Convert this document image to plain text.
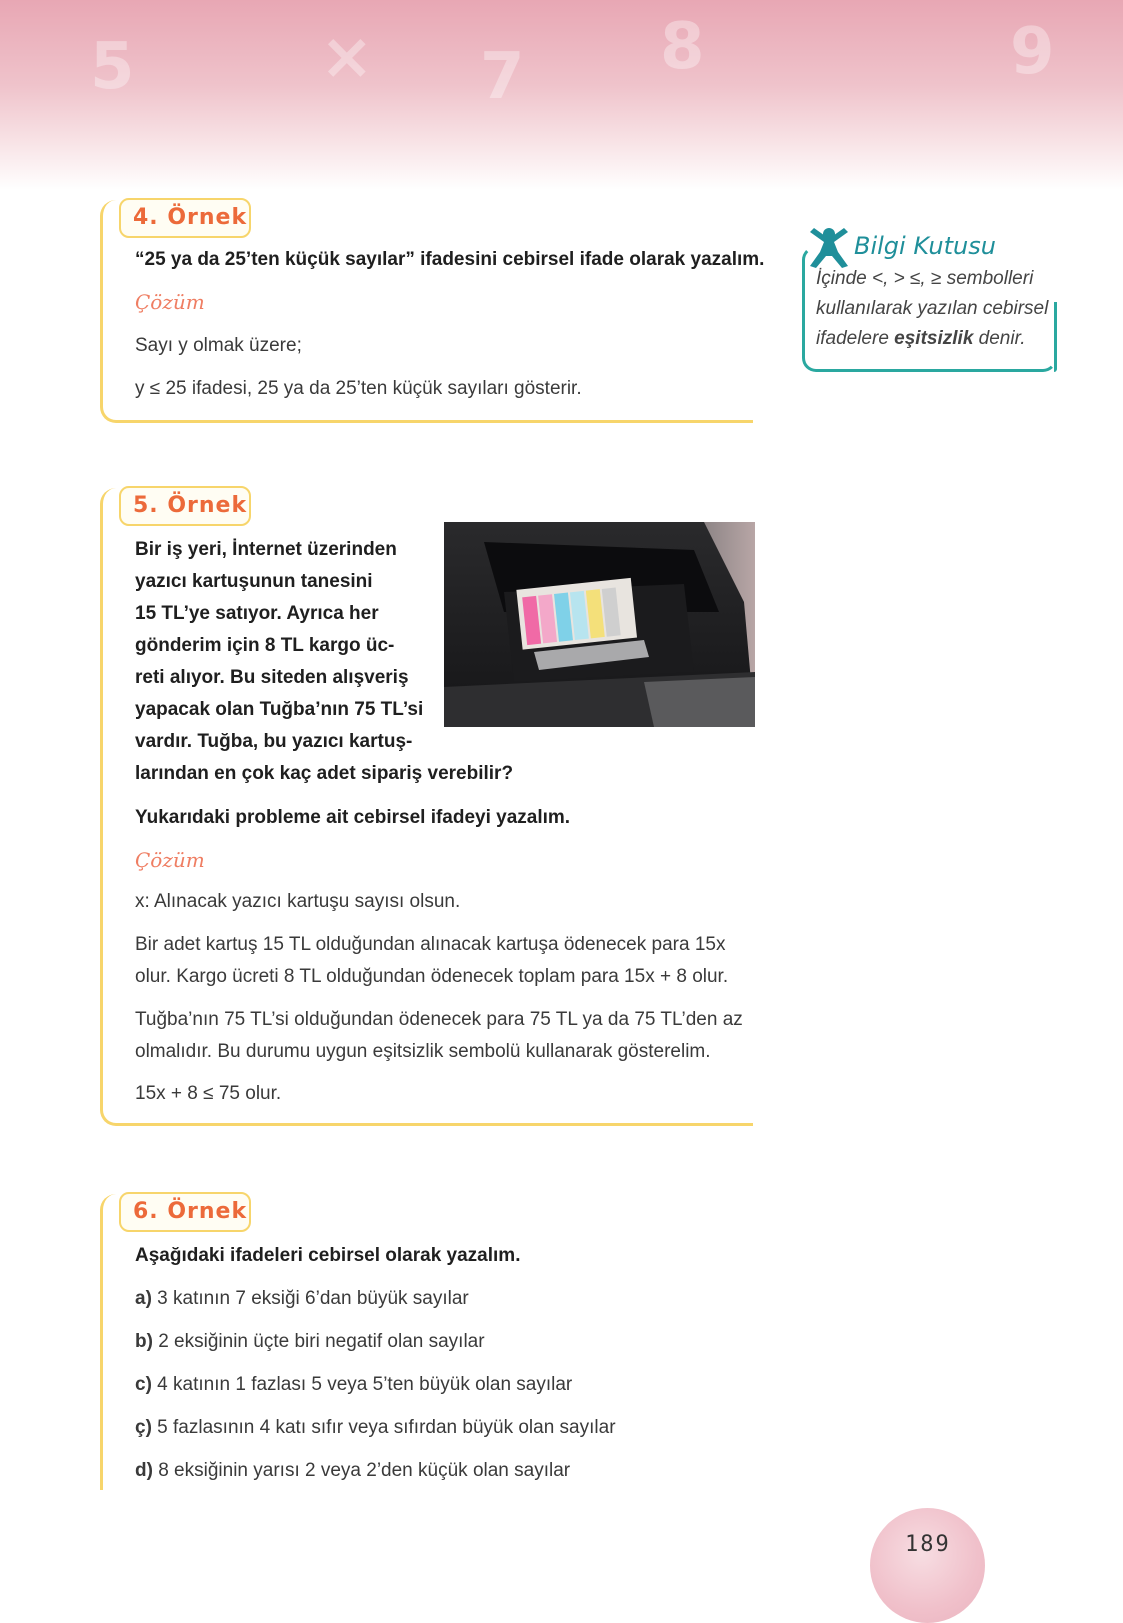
5	× 7 8	9
4. Örnek
“25 ya da 25’ten küçük sayılar” ifadesini cebirsel ifade olarak yazalım.
Çözüm
Sayı y olmak üzere;
y ≤ 25 ifadesi, 25 ya da 25’ten küçük sayıları gösterir.
5. Örnek
Bir iş yeri, İnternet üzerinden
yazıcı kartuşunun tanesini
15 TL’ye satıyor. Ayrıca her
gönderim için 8 TL kargo üc-
reti alıyor. Bu siteden alışveriş
yapacak olan Tuğba’nın 75 TL’si
vardır. Tuğba, bu yazıcı kartuş-
larından en çok kaç adet sipariş verebilir?
Yukarıdaki probleme ait cebirsel ifadeyi yazalım.
Çözüm
x: Alınacak yazıcı kartuşu sayısı olsun.
Bir adet kartuş 15 TL olduğundan alınacak kartuşa ödenecek para 15x
olur. Kargo ücreti 8 TL olduğundan ödenecek toplam para 15x + 8 olur.
Tuğba’nın 75 TL’si olduğundan ödenecek para 75 TL ya da 75 TL’den az
olmalıdır. Bu durumu uygun eşitsizlik sembolü kullanarak gösterelim.
15x + 8 ≤ 75 olur.
6. Örnek
Aşağıdaki ifadeleri cebirsel olarak yazalım.
a) 3 katının 7 eksiği 6’dan büyük sayılar
b) 2 eksiğinin üçte biri negatif olan sayılar
c) 4 katının 1 fazlası 5 veya 5’ten büyük olan sayılar
ç) 5 fazlasının 4 katı sıfır veya sıfırdan büyük olan sayılar
d) 8 eksiğinin yarısı 2 veya 2’den küçük olan sayılar
Bilgi Kutusu
İçinde <, > ≤, ≥ sembolleri
kullanılarak yazılan cebirsel
ifadelere eşitsizlik denir.
189
